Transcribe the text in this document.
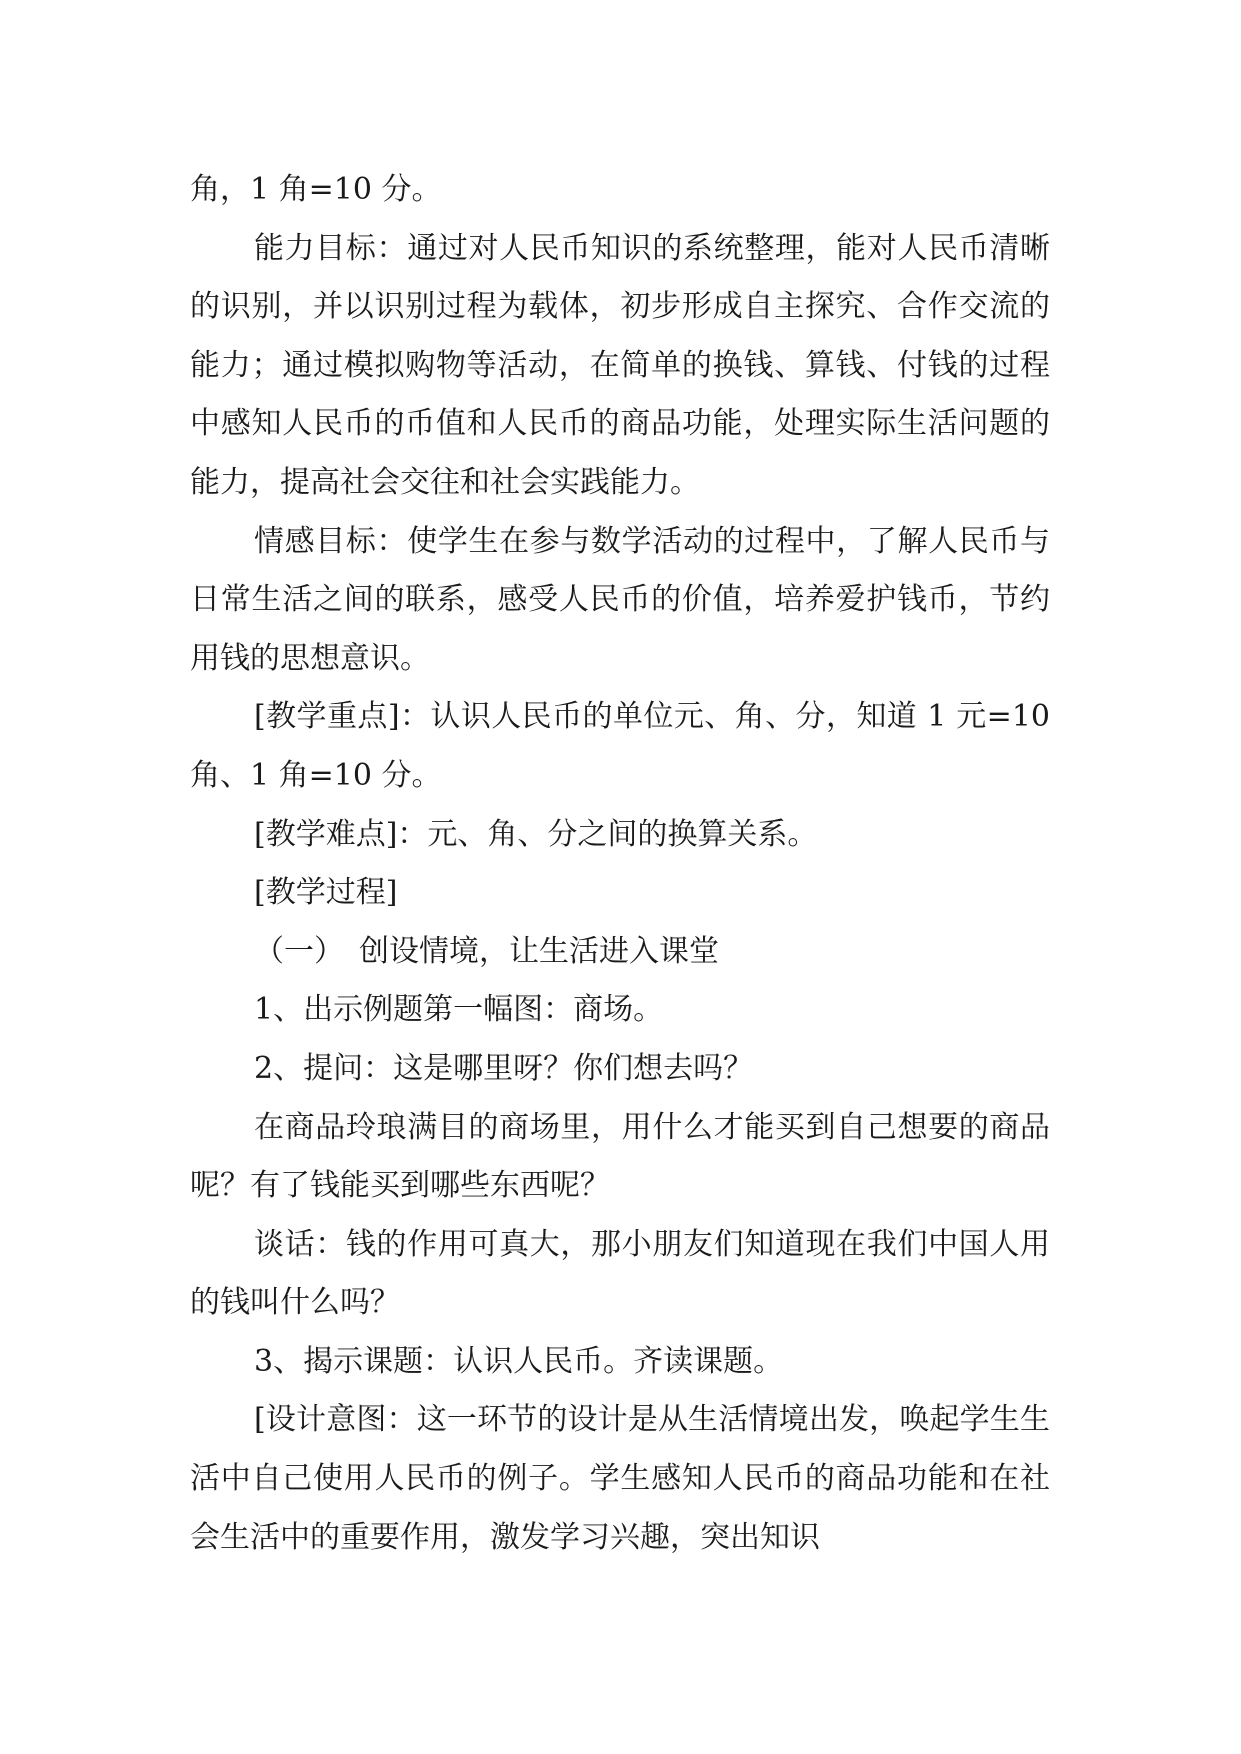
角，1 角=10 分。

能力目标：通过对人民币知识的系统整理，能对人民币清晰的识别，并以识别过程为载体，初步形成自主探究、合作交流的能力；通过模拟购物等活动，在简单的换钱、算钱、付钱的过程中感知人民币的币值和人民币的商品功能，处理实际生活问题的能力，提高社会交往和社会实践能力。

情感目标：使学生在参与数学活动的过程中，了解人民币与日常生活之间的联系，感受人民币的价值，培养爱护钱币，节约用钱的思想意识。

[教学重点]：认识人民币的单位元、角、分，知道 1 元=10 角、1 角=10 分。

[教学难点]：元、角、分之间的换算关系。

[教学过程]

（一）　创设情境，让生活进入课堂

1、出示例题第一幅图：商场。

2、提问：这是哪里呀？你们想去吗？

在商品玲琅满目的商场里，用什么才能买到自己想要的商品呢？有了钱能买到哪些东西呢？

谈话：钱的作用可真大，那小朋友们知道现在我们中国人用的钱叫什么吗？

3、揭示课题：认识人民币。齐读课题。

[设计意图：这一环节的设计是从生活情境出发，唤起学生生活中自己使用人民币的例子。学生感知人民币的商品功能和在社会生活中的重要作用，激发学习兴趣，突出知识
